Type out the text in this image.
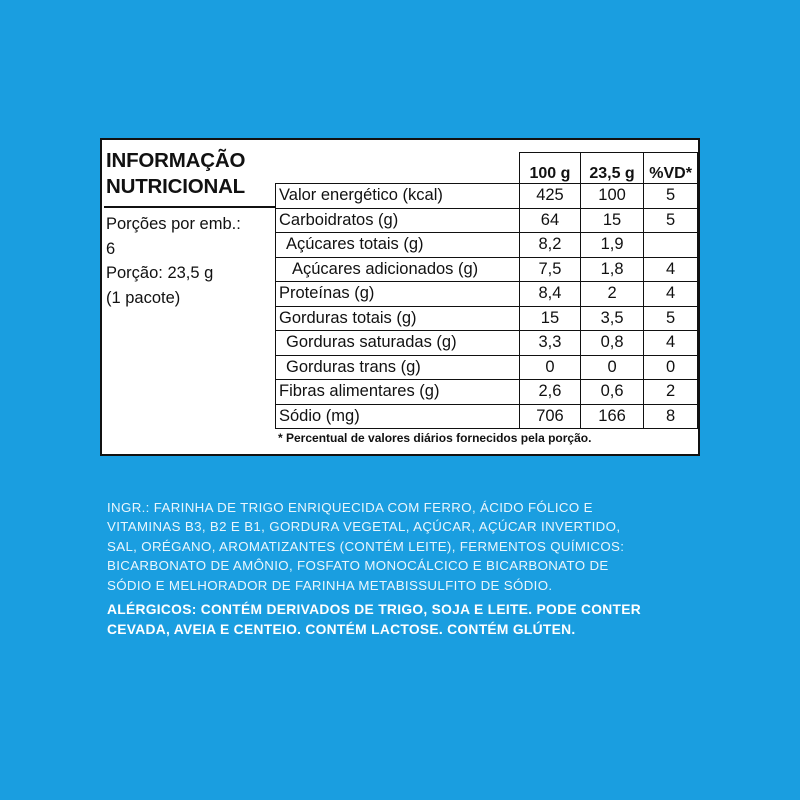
INFORMAÇÃO
NUTRICIONAL
Porções por emb.:
6
Porção: 23,5 g
(1 pacote)
	100 g	23,5 g	%VD*
Valor energético (kcal)	425	100	5
Carboidratos (g)	64	15	5
Açúcares totais (g)	8,2	1,9	
Açúcares adicionados (g)	7,5	1,8	4
Proteínas (g)	8,4	2	4
Gorduras totais (g)	15	3,5	5
Gorduras saturadas (g)	3,3	0,8	4
Gorduras trans (g)	0	0	0
Fibras alimentares (g)	2,6	0,6	2
Sódio (mg)	706	166	8
* Percentual de valores diários fornecidos pela porção.
INGR.: FARINHA DE TRIGO ENRIQUECIDA COM FERRO, ÁCIDO FÓLICO E
VITAMINAS B3, B2 E B1, GORDURA VEGETAL, AÇÚCAR, AÇÚCAR INVERTIDO,
SAL, ORÉGANO, AROMATIZANTES (CONTÉM LEITE), FERMENTOS QUÍMICOS:
BICARBONATO DE AMÔNIO, FOSFATO MONOCÁLCICO E BICARBONATO DE
SÓDIO E MELHORADOR DE FARINHA METABISSULFITO DE SÓDIO.
ALÉRGICOS: CONTÉM DERIVADOS DE TRIGO, SOJA E LEITE. PODE CONTER
CEVADA, AVEIA E CENTEIO. CONTÉM LACTOSE. CONTÉM GLÚTEN.
